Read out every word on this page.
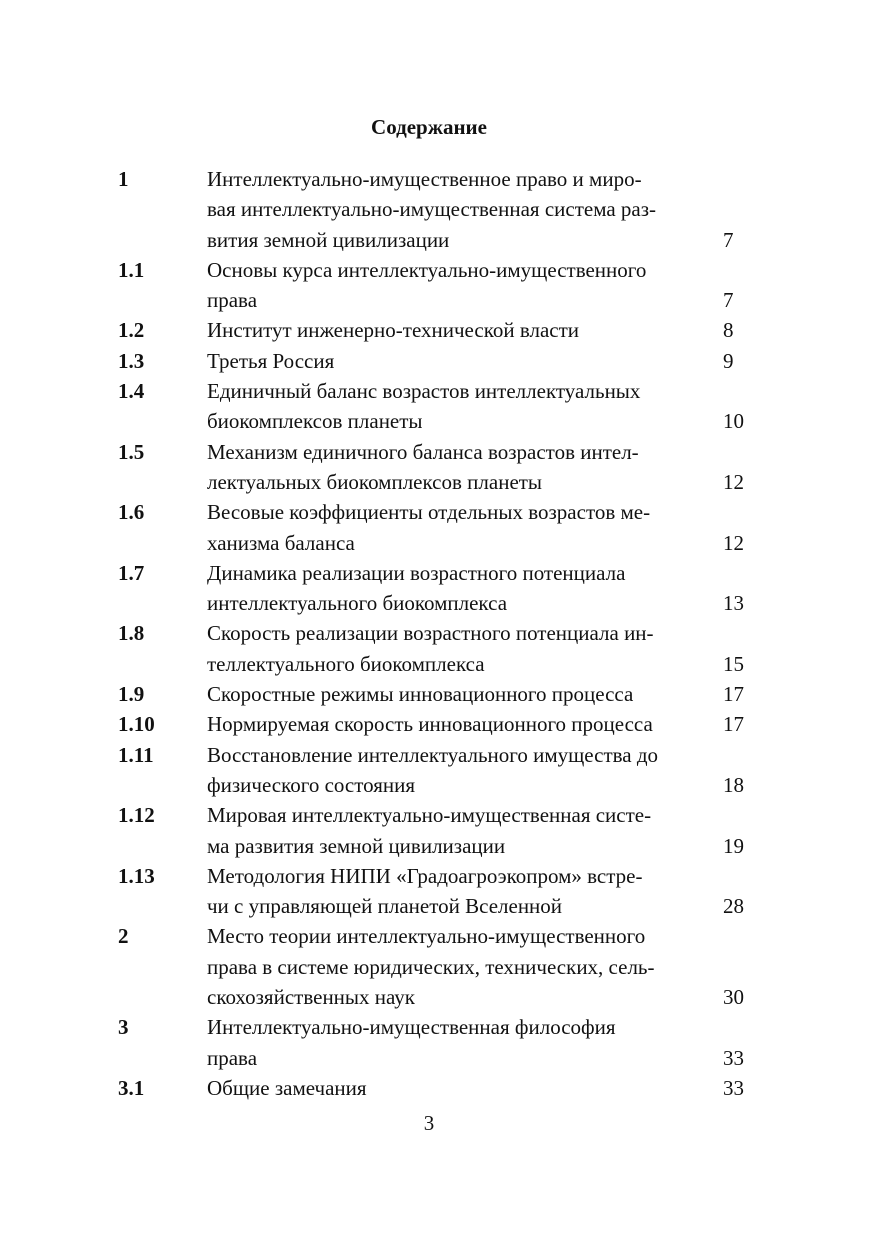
Содержание
1	Интеллектуально-имущественное право и миро-
вая интеллектуально-имущественная система раз-
вития земной цивилизации	7
1.1	Основы курса интеллектуально-имущественного
права	7
1.2	Институт инженерно-технической власти	8
1.3	Третья Россия	9
1.4	Единичный баланс возрастов интеллектуальных
биокомплексов планеты	10
1.5	Механизм единичного баланса возрастов интел-
лектуальных биокомплексов планеты	12
1.6	Весовые коэффициенты отдельных возрастов ме-
ханизма баланса	12
1.7	Динамика реализации возрастного потенциала
интеллектуального биокомплекса	13
1.8	Скорость реализации возрастного потенциала ин-
теллектуального биокомплекса	15
1.9	Скоростные режимы инновационного процесса	17
1.10 Нормируемая скорость инновационного процесса	17
1.11	Восстановление интеллектуального имущества до
физического состояния	18
1.12 Мировая интеллектуально-имущественная систе-
ма развития земной цивилизации	19
1.13 Методология НИПИ «Градоагроэкопром» встре-
чи с управляющей планетой Вселенной	28
2	Место теории интеллектуально-имущественного
права в системе юридических, технических, сель-
скохозяйственных наук	30
3	Интеллектуально-имущественная философия
права	33
3.1	Общие замечания	33
3
